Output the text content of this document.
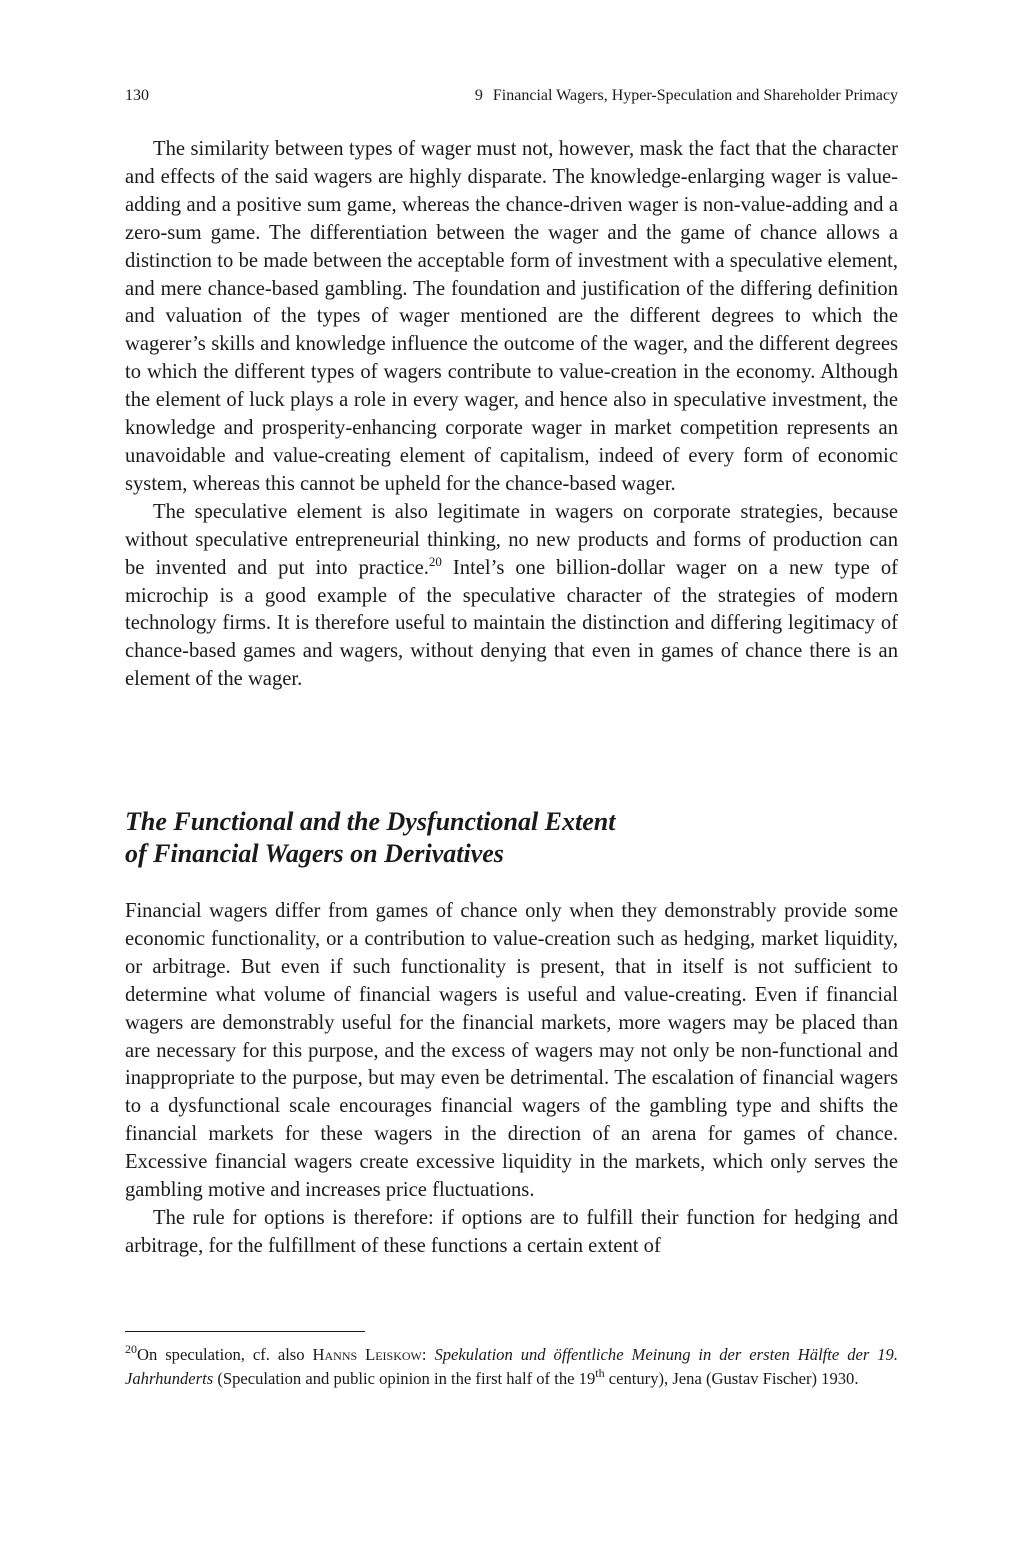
130	9 Financial Wagers, Hyper-Speculation and Shareholder Primacy

The similarity between types of wager must not, however, mask the fact that the character and effects of the said wagers are highly disparate. The knowledge-enlarging wager is value-adding and a positive sum game, whereas the chance-driven wager is non-value-adding and a zero-sum game. The differentiation between the wager and the game of chance allows a distinction to be made between the acceptable form of investment with a speculative element, and mere chance-based gambling. The foundation and justification of the differing definition and valuation of the types of wager mentioned are the different degrees to which the wagerer’s skills and knowledge influence the outcome of the wager, and the different degrees to which the different types of wagers contribute to value-creation in the economy. Although the element of luck plays a role in every wager, and hence also in speculative investment, the knowledge and prosperity-enhancing corporate wager in market competition represents an unavoidable and value-creating element of capitalism, indeed of every form of economic system, whereas this cannot be upheld for the chance-based wager.

The speculative element is also legitimate in wagers on corporate strategies, because without speculative entrepreneurial thinking, no new products and forms of production can be invented and put into practice.$^{20}$ Intel’s one billion-dollar wager on a new type of microchip is a good example of the speculative character of the strategies of modern technology firms. It is therefore useful to maintain the distinction and differing legitimacy of chance-based games and wagers, without denying that even in games of chance there is an element of the wager.

The Functional and the Dysfunctional Extent
of Financial Wagers on Derivatives

Financial wagers differ from games of chance only when they demonstrably provide some economic functionality, or a contribution to value-creation such as hedging, market liquidity, or arbitrage. But even if such functionality is present, that in itself is not sufficient to determine what volume of financial wagers is useful and value-creating. Even if financial wagers are demonstrably useful for the financial markets, more wagers may be placed than are necessary for this purpose, and the excess of wagers may not only be non-functional and inappropriate to the purpose, but may even be detrimental. The escalation of financial wagers to a dysfunctional scale encourages financial wagers of the gambling type and shifts the financial markets for these wagers in the direction of an arena for games of chance. Excessive financial wagers create excessive liquidity in the markets, which only serves the gambling motive and increases price fluctuations.

The rule for options is therefore: if options are to fulfill their function for hedging and arbitrage, for the fulfillment of these functions a certain extent of

$^{20}$On speculation, cf. also Hanns Leiskow: Spekulation und öffentliche Meinung in der ersten Hälfte der 19. Jahrhunderts (Speculation and public opinion in the first half of the 19th century), Jena (Gustav Fischer) 1930.
